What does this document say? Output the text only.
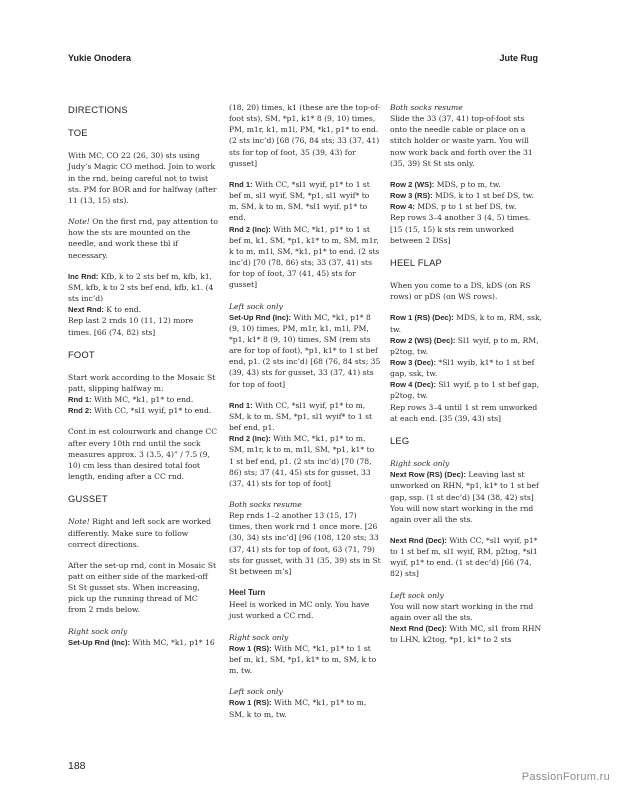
Yukie Onodera	Jute Rug
DIRECTIONS
TOE

With MC, CO 22 (26, 30) sts using Judy’s Magic CO method. Join to work in the rnd, being careful not to twist sts. PM for BOR and for halfway (after 11 (13, 15) sts).

Note! On the first rnd, pay attention to how the sts are mounted on the needle, and work these tbl if necessary.

Inc Rnd: Kfb, k to 2 sts bef m, kfb, k1, SM, kfb, k to 2 sts bef end, kfb, k1. (4 sts inc’d)

Next Rnd: K to end.

Rep last 2 rnds 10 (11, 12) more times. [66 (74, 82) sts]

FOOT

Start work according to the Mosaic St patt, slipping halfway m:

Rnd 1: With MC, *k1, p1* to end.

Rnd 2: With CC, *sl1 wyif, p1* to end.

Cont in est colourwork and change CC after every 10th rnd until the sock measures approx. 3 (3.5, 4)” / 7.5 (9, 10) cm less than desired total foot length, ending after a CC rnd.

GUSSET

Note! Right and left sock are worked differently. Make sure to follow correct directions.

After the set-up rnd, cont in Mosaic St patt on either side of the marked-off St St gusset sts. When increasing, pick up the running thread of MC from 2 rnds below.

Right sock only

Set-Up Rnd (Inc): With MC, *k1, p1* 16

(18, 20) times, k1 (these are the top-of-foot sts), SM, *p1, k1* 8 (9, 10) times, PM, m1r, k1, m1l, PM, *k1, p1* to end. (2 sts inc’d) [68 (76, 84 sts; 33 (37, 41) sts for top of foot, 35 (39, 43) for gusset]

Rnd 1: With CC, *sl1 wyif, p1* to 1 st bef m, sl1 wyif, SM, *p1, sl1 wyif* to m, SM, k to m, SM, *sl1 wyif, p1* to end.

Rnd 2 (Inc): With MC, *k1, p1* to 1 st bef m, k1, SM, *p1, k1* to m, SM, m1r, k to m, m1l, SM, *k1, p1* to end. (2 sts inc’d) [70 (78, 86) sts; 33 (37, 41) sts for top of foot, 37 (41, 45) sts for gusset]

Left sock only

Set-Up Rnd (Inc): With MC, *k1, p1* 8 (9, 10) times, PM, m1r, k1, m1l, PM, *p1, k1* 8 (9, 10) times, SM (rem sts are for top of foot), *p1, k1* to 1 st bef end, p1. (2 sts inc’d) [68 (76, 84 sts; 35 (39, 43) sts for gusset, 33 (37, 41) sts for top of foot]

Rnd 1: With CC, *sl1 wyif, p1* to m, SM, k to m, SM, *p1, sl1 wyif* to 1 st bef end, p1.

Rnd 2 (Inc): With MC, *k1, p1* to m, SM, m1r, k to m, m1l, SM, *p1, k1* to 1 st bef end, p1. (2 sts inc’d) [70 (78, 86) sts; 37 (41, 45) sts for gusset, 33 (37, 41) sts for top of foot]

Both socks resume

Rep rnds 1–2 another 13 (15, 17) times, then work rnd 1 once more. [26 (30, 34) sts inc’d] [96 (108, 120 sts; 33 (37, 41) sts for top of foot, 63 (71, 79) sts for gusset, with 31 (35, 39) sts in St St between m’s]

Heel Turn

Heel is worked in MC only. You have just worked a CC rnd.

Right sock only

Row 1 (RS): With MC, *k1, p1* to 1 st bef m, k1, SM, *p1, k1* to m, SM, k to m, tw.

Left sock only

Row 1 (RS): With MC, *k1, p1* to m, SM, k to m, tw.

Both socks resume

Slide the 33 (37, 41) top-of-foot sts onto the needle cable or place on a stitch holder or waste yarn. You will now work back and forth over the 31 (35, 39) St St sts only.

Row 2 (WS): MDS, p to m, tw.

Row 3 (RS): MDS, k to 1 st bef DS, tw.

Row 4: MDS, p to 1 st bef DS, tw.

Rep rows 3–4 another 3 (4, 5) times. [15 (15, 15) k sts rem unworked between 2 DSs]

HEEL FLAP

When you come to a DS, kDS (on RS rows) or pDS (on WS rows).

Row 1 (RS) (Dec): MDS, k to m, RM, ssk, tw.

Row 2 (WS) (Dec): Sl1 wyif, p to m, RM, p2tog, tw.

Row 3 (Dec): *Sl1 wyib, k1* to 1 st bef gap, ssk, tw.

Row 4 (Dec): Sl1 wyif, p to 1 st bef gap, p2tog, tw.

Rep rows 3–4 until 1 st rem unworked at each end. [35 (39, 43) sts]

LEG

Right sock only

Next Row (RS) (Dec): Leaving last st unworked on RHN, *p1, k1* to 1 st bef gap, ssp. (1 st dec’d) [34 (38, 42) sts] You will now start working in the rnd again over all the sts.

Next Rnd (Dec): With CC, *sl1 wyif, p1* to 1 st bef m, sl1 wyif, RM, p2tog, *sl1 wyif, p1* to end. (1 st dec’d) [66 (74, 82) sts]

Left sock only

You will now start working in the rnd again over all the sts.

Next Rnd (Dec): With MC, sl1 from RHN to LHN, k2tog, *p1, k1* to 2 sts

188
PassionForum.ru
